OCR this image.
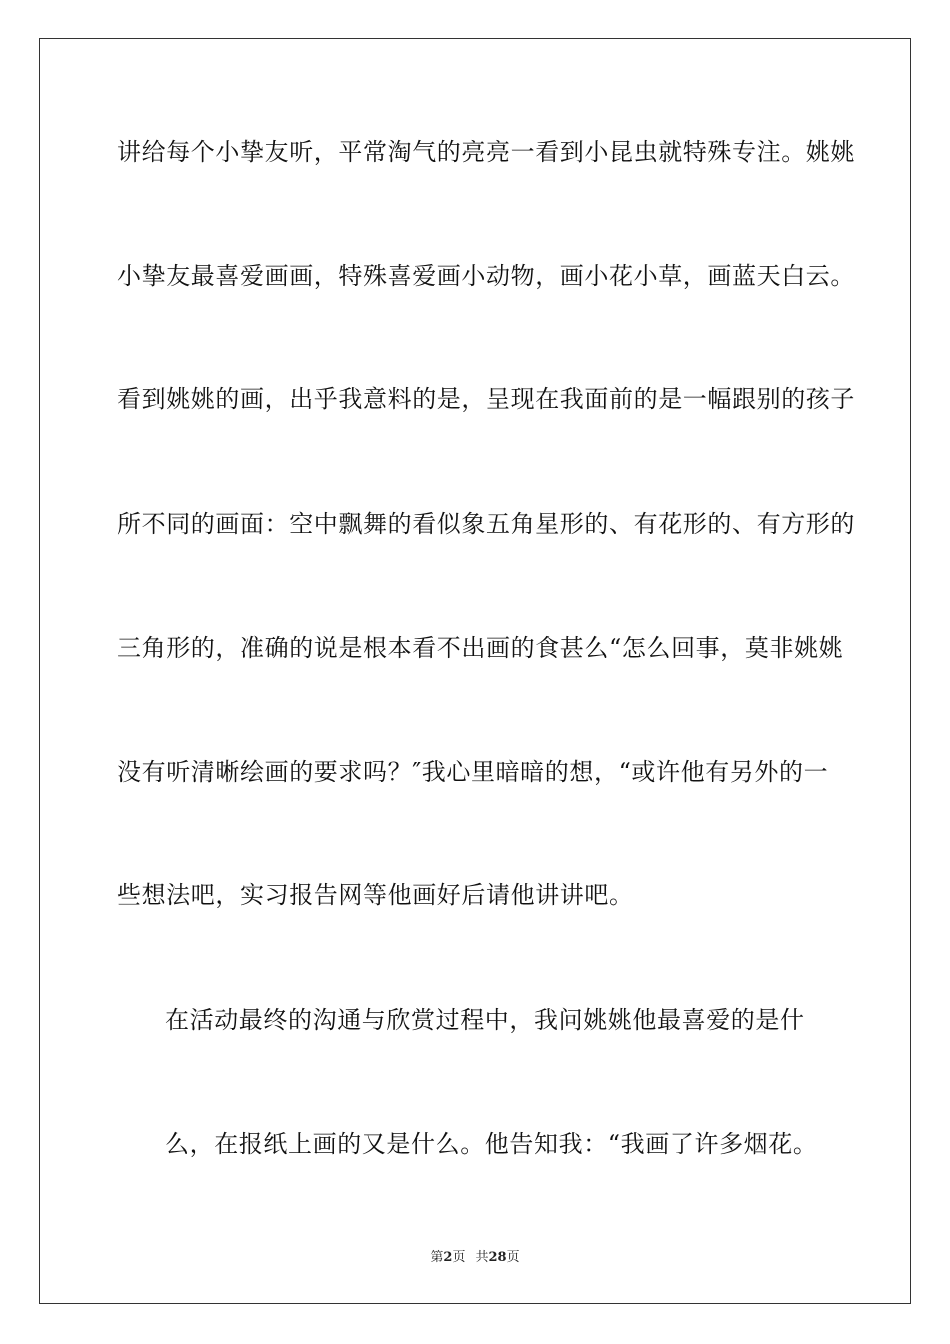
讲给每个小挚友听，平常淘气的亮亮一看到小昆虫就特殊专注。姚姚
小挚友最喜爱画画，特殊喜爱画小动物，画小花小草，画蓝天白云。
看到姚姚的画，出乎我意料的是，呈现在我面前的是一幅跟别的孩子
所不同的画面：空中飘舞的看似象五角星形的、有花形的、有方形的
三角形的，准确的说是根本看不出画的食甚么“怎么回事，莫非姚姚
没有听清晰绘画的要求吗？″我心里暗暗的想，“或许他有另外的一
些想法吧，实习报告网等他画好后请他讲讲吧。
在活动最终的沟通与欣赏过程中，我问姚姚他最喜爱的是什
么，在报纸上画的又是什么。他告知我：“我画了许多烟花。
第2页 共28页
